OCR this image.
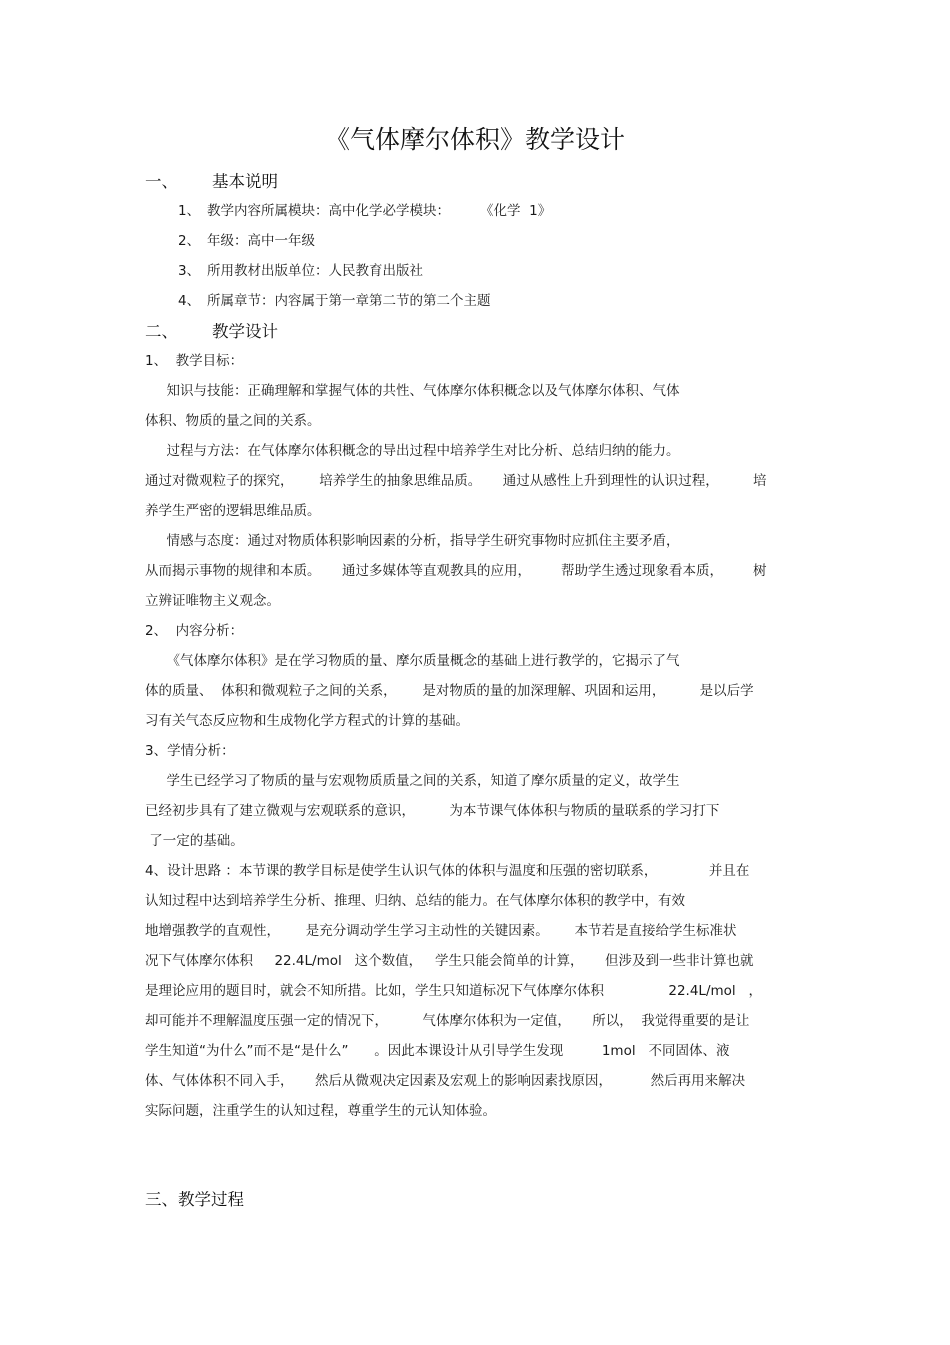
《气体摩尔体积》教学设计
一、 基本说明
1、 教学内容所属模块：高中化学必学模块：       《化学  1》
2、 年级：高中一年级
3、 所用教材出版单位：人民教育出版社
4、 所属章节：内容属于第一章第二节的第二个主题
二、 教学设计
1、  教学目标：
知识与技能：正确理解和掌握气体的共性、气体摩尔体积概念以及气体摩尔体积、气体
体积、物质的量之间的关系。
过程与方法：在气体摩尔体积概念的导出过程中培养学生对比分析、总结归纳的能力。
通过对微观粒子的探究，      培养学生的抽象思维品质。     通过从感性上升到理性的认识过程，        培
养学生严密的逻辑思维品质。
情感与态度：通过对物质体积影响因素的分析，指导学生研究事物时应抓住主要矛盾，
从而揭示事物的规律和本质。     通过多媒体等直观教具的应用，       帮助学生透过现象看本质，       树
立辨证唯物主义观念。
2、  内容分析：
《气体摩尔体积》是在学习物质的量、摩尔质量概念的基础上进行教学的，它揭示了气
体的质量、  体积和微观粒子之间的关系，      是对物质的量的加深理解、巩固和运用，        是以后学
习有关气态反应物和生成物化学方程式的计算的基础。
3、学情分析：
学生已经学习了物质的量与宏观物质质量之间的关系，知道了摩尔质量的定义，故学生
已经初步具有了建立微观与宏观联系的意识，        为本节课气体体积与物质的量联系的学习打下
了一定的基础。
4、设计思路 ：本节课的教学目标是使学生认识气体的体积与温度和压强的密切联系，            并且在
认知过程中达到培养学生分析、推理、归纳、总结的能力。在气体摩尔体积的教学中，有效
地增强教学的直观性，      是充分调动学生学习主动性的关键因素。      本节若是直接给学生标准状
况下气体摩尔体积     22.4L/mol   这个数值，   学生只能会简单的计算，     但涉及到一些非计算也就
是理论应用的题目时，就会不知所措。比如，学生只知道标况下气体摩尔体积               22.4L/mol   ，
却可能并不理解温度压强一定的情况下，        气体摩尔体积为一定值，     所以，  我觉得重要的是让
学生知道“为什么”而不是“是什么”      。因此本课设计从引导学生发现         1mol   不同固体、液
体、气体体积不同入手，     然后从微观决定因素及宏观上的影响因素找原因，         然后再用来解决
实际问题，注重学生的认知过程，尊重学生的元认知体验。
三、教学过程
